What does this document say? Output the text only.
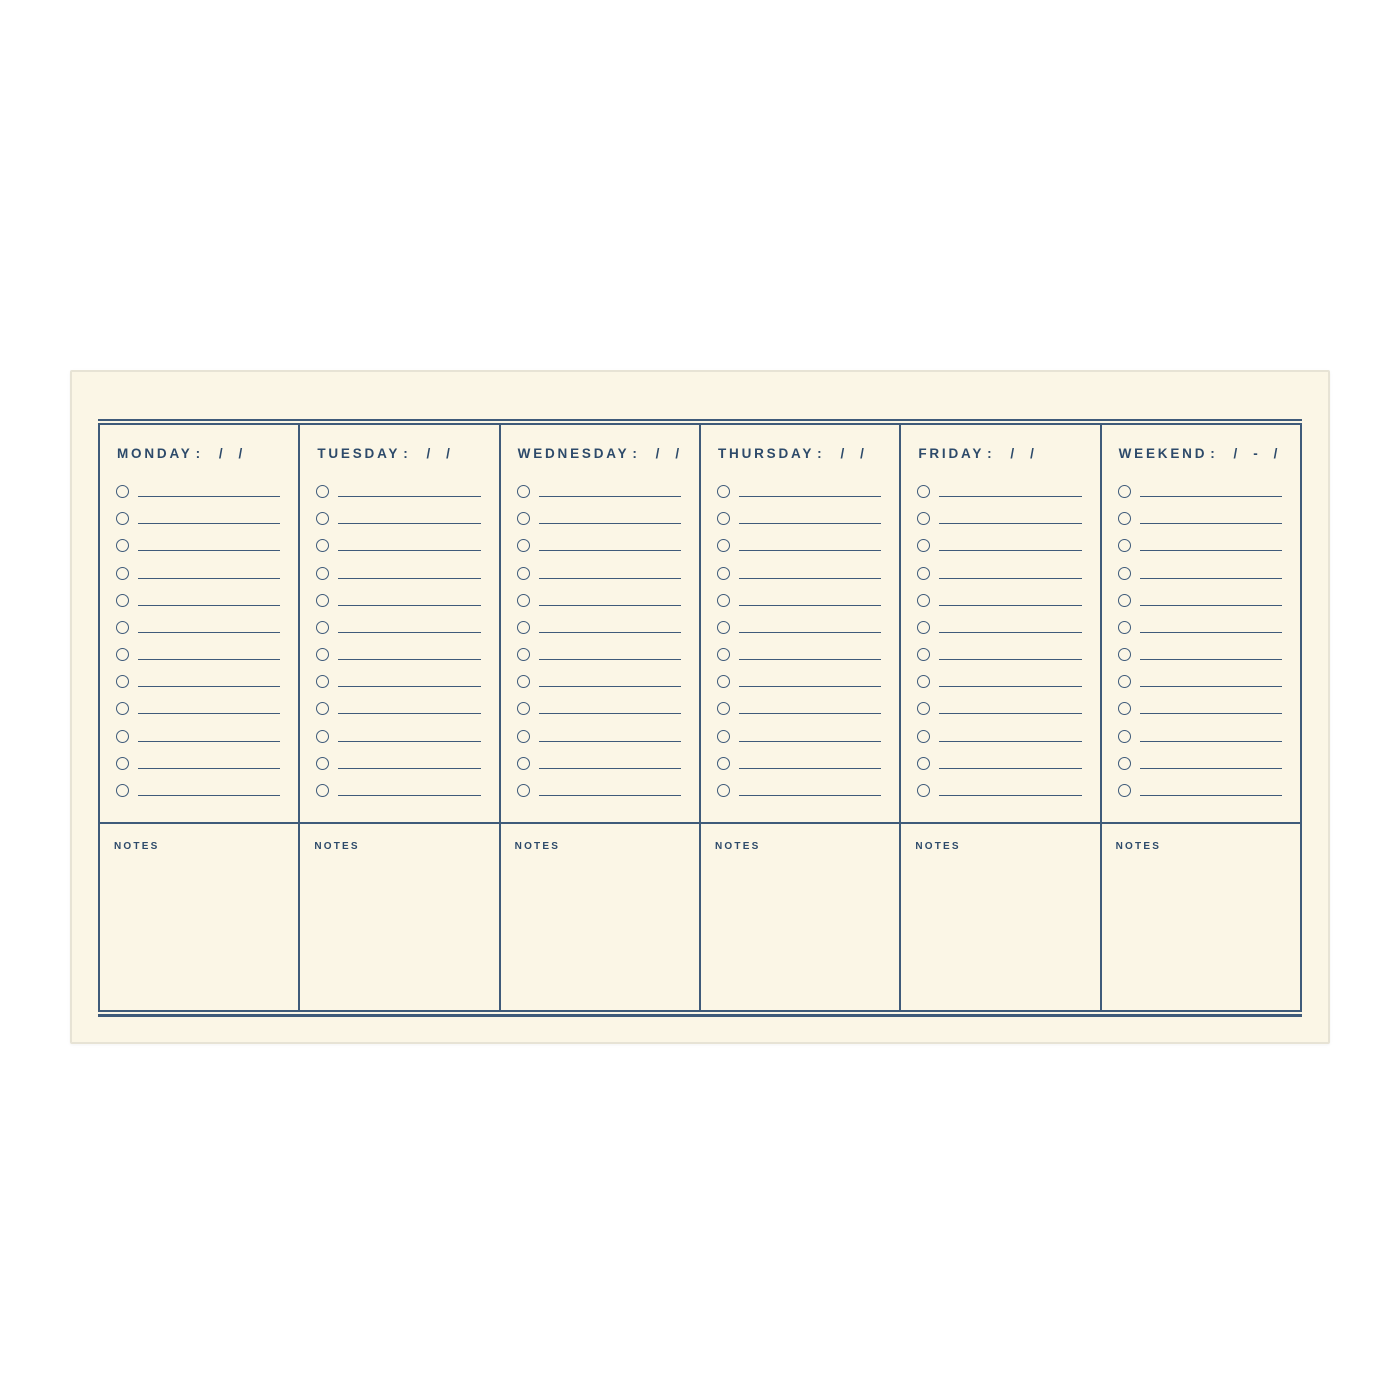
MONDAY : /  /
NOTES
TUESDAY : /  /
NOTES
WEDNESDAY : /  /
NOTES
THURSDAY : /  /
NOTES
FRIDAY : /  /
NOTES
WEEKEND : /  -  /
NOTES
